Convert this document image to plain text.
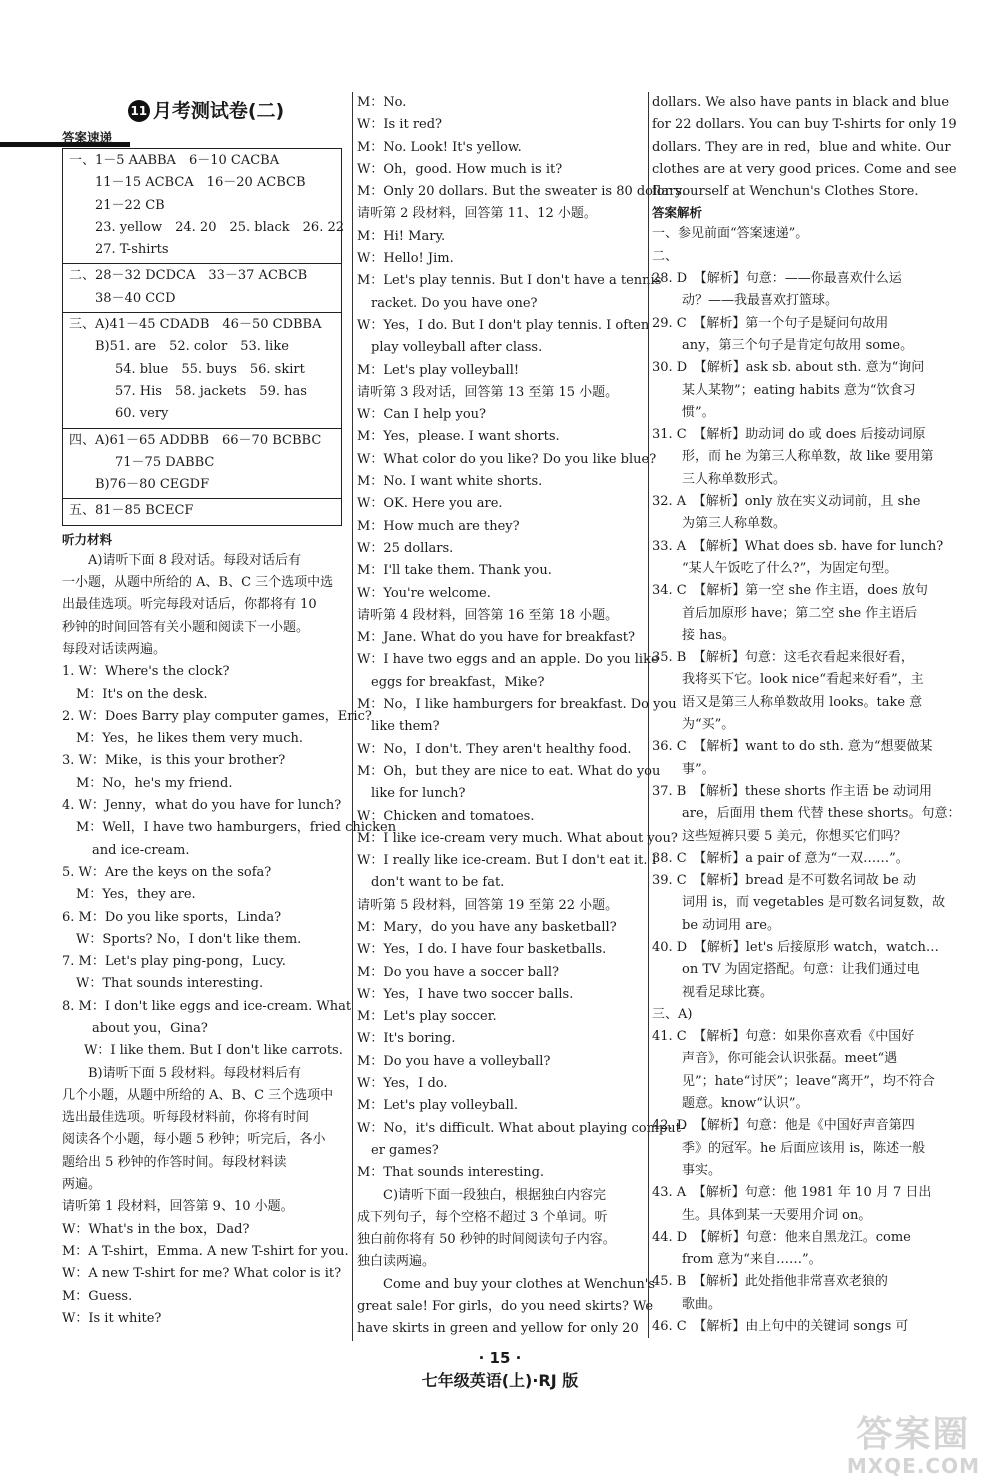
11 月考测试卷(二)

答案速递

一、1－5 AABBA　6－10 CACBA

11－15 ACBCA　16－20 ACBCB

21－22 CB

23. yellow　24. 20　25. black　26. 22

27. T-shirts

二、28－32 DCDCA　33－37 ACBCB

38－40 CCD

三、A)41－45 CDADB　46－50 CDBBA

B)51. are　52. color　53. like

54. blue　55. buys　56. skirt

57. His　58. jackets　59. has

60. very

四、A)61－65 ADDBB　66－70 BCBBC

71－75 DABBC

B)76－80 CEGDF

五、81－85 BCECF

听力材料

A)请听下面 8 段对话。每段对话后有

一小题，从题中所给的 A、B、C 三个选项中选

出最佳选项。听完每段对话后，你都将有 10

秒钟的时间回答有关小题和阅读下一小题。

每段对话读两遍。

1. W：Where's the clock?

M：It's on the desk.

2. W：Does Barry play computer games，Eric?

M：Yes，he likes them very much.

3. W：Mike，is this your brother?

M：No，he's my friend.

4. W：Jenny，what do you have for lunch?

M：Well，I have two hamburgers，fried chicken

and ice-cream.

5. W：Are the keys on the sofa?

M：Yes，they are.

6. M：Do you like sports，Linda?

W：Sports? No，I don't like them.

7. M：Let's play ping-pong，Lucy.

W：That sounds interesting.

8. M：I don't like eggs and ice-cream. What

about you，Gina?

W：I like them. But I don't like carrots.

B)请听下面 5 段材料。每段材料后有

几个小题，从题中所给的 A、B、C 三个选项中

选出最佳选项。听每段材料前，你将有时间

阅读各个小题，每小题 5 秒钟；听完后，各小

题给出 5 秒钟的作答时间。每段材料读

两遍。

请听第 1 段材料，回答第 9、10 小题。

W：What's in the box，Dad?

M：A T-shirt，Emma. A new T-shirt for you.

W：A new T-shirt for me? What color is it?

M：Guess.

W：Is it white?

M：No.

W：Is it red?

M：No. Look! It's yellow.

W：Oh，good. How much is it?

M：Only 20 dollars. But the sweater is 80 dollars.

请听第 2 段材料，回答第 11、12 小题。

M：Hi! Mary.

W：Hello! Jim.

M：Let's play tennis. But I don't have a tennis

racket. Do you have one?

W：Yes，I do. But I don't play tennis. I often

play volleyball after class.

M：Let's play volleyball!

请听第 3 段对话，回答第 13 至第 15 小题。

W：Can I help you?

M：Yes，please. I want shorts.

W：What color do you like? Do you like blue?

M：No. I want white shorts.

W：OK. Here you are.

M：How much are they?

W：25 dollars.

M：I'll take them. Thank you.

W：You're welcome.

请听第 4 段材料，回答第 16 至第 18 小题。

M：Jane. What do you have for breakfast?

W：I have two eggs and an apple. Do you like

eggs for breakfast，Mike?

M：No，I like hamburgers for breakfast. Do you

like them?

W：No，I don't. They aren't healthy food.

M：Oh，but they are nice to eat. What do you

like for lunch?

W：Chicken and tomatoes.

M：I like ice-cream very much. What about you?

W：I really like ice-cream. But I don't eat it. I

don't want to be fat.

请听第 5 段材料，回答第 19 至第 22 小题。

M：Mary，do you have any basketball?

W：Yes，I do. I have four basketballs.

M：Do you have a soccer ball?

W：Yes，I have two soccer balls.

M：Let's play soccer.

W：It's boring.

M：Do you have a volleyball?

W：Yes，I do.

M：Let's play volleyball.

W：No，it's difficult. What about playing comput-

er games?

M：That sounds interesting.

C)请听下面一段独白，根据独白内容完

成下列句子，每个空格不超过 3 个单词。听

独白前你将有 50 秒钟的时间阅读句子内容。

独白读两遍。

Come and buy your clothes at Wenchun's

great sale! For girls，do you need skirts? We

have skirts in green and yellow for only 20

dollars. We also have pants in black and blue

for 22 dollars. You can buy T-shirts for only 19

dollars. They are in red，blue and white. Our

clothes are at very good prices. Come and see

for yourself at Wenchun's Clothes Store.

答案解析

一、参见前面“答案速递”。

二、

28. D　【解析】句意：——你最喜欢什么运

动？——我最喜欢打篮球。

29. C　【解析】第一个句子是疑问句故用

any，第三个句子是肯定句故用 some。

30. D　【解析】ask sb. about sth. 意为“询问

某人某物”；eating habits 意为“饮食习

惯”。

31. C　【解析】助动词 do 或 does 后接动词原

形，而 he 为第三人称单数，故 like 要用第

三人称单数形式。

32. A　【解析】only 放在实义动词前，且 she

为第三人称单数。

33. A　【解析】What does sb. have for lunch?

“某人午饭吃了什么?”，为固定句型。

34. C　【解析】第一空 she 作主语，does 放句

首后加原形 have；第二空 she 作主语后

接 has。

35. B　【解析】句意：这毛衣看起来很好看，

我将买下它。look nice“看起来好看”，主

语又是第三人称单数故用 looks。take 意

为“买”。

36. C　【解析】want to do sth. 意为“想要做某

事”。

37. B　【解析】these shorts 作主语 be 动词用

are，后面用 them 代替 these shorts。句意：

这些短裤只要 5 美元，你想买它们吗？

38. C　【解析】a pair of 意为“一双……”。

39. C　【解析】bread 是不可数名词故 be 动

词用 is，而 vegetables 是可数名词复数，故

be 动词用 are。

40. D　【解析】let's 后接原形 watch，watch…

on TV 为固定搭配。句意：让我们通过电

视看足球比赛。

三、A)

41. C　【解析】句意：如果你喜欢看《中国好

声音》，你可能会认识张磊。meet“遇

见”；hate“讨厌”；leave“离开”，均不符合

题意。know“认识”。

42. D　【解析】句意：他是《中国好声音第四

季》的冠军。he 后面应该用 is，陈述一般

事实。

43. A　【解析】句意：他 1981 年 10 月 7 日出

生。具体到某一天要用介词 on。

44. D　【解析】句意：他来自黑龙江。come

from 意为“来自……”。

45. B　【解析】此处指他非常喜欢老狼的

歌曲。

46. C　【解析】由上句中的关键词 songs 可

· 15 ·
七年级英语(上)·RJ 版
答案圈
MXQE.COM
